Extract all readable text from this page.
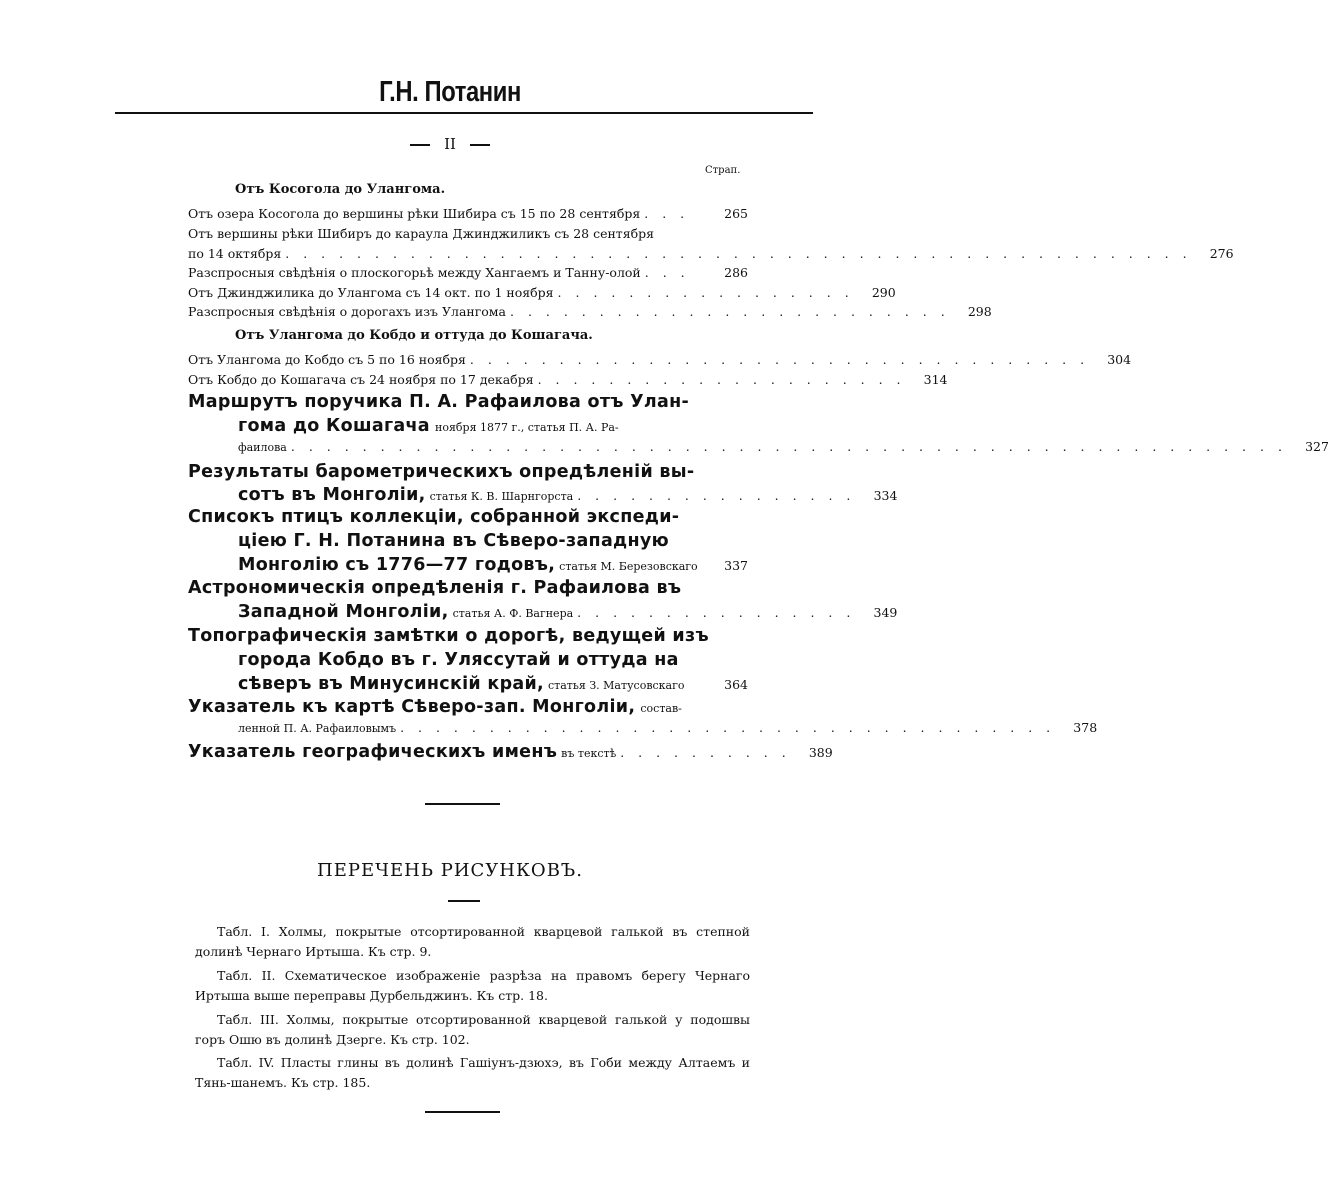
Г.Н. Потанин
II
Страп.
Отъ Косогола до Улангома.
Отъ озера Косогола до вершины рѣки Шибира съ 15 по 28 сентября . . .	265
Отъ вершины рѣки Шибиръ до караула Джинджиликъ съ 28 сентября
по 14 октября . . . . . . . . . . . . . . . . . . . . . . . . . . . . . . . . . . . . . . . . . . . . . . . . . . .	276
Разспросныя свѣдѣнія о плоскогорьѣ между Хангаемъ и Танну-олой . . .	286
Отъ Джинджилика до Улангома съ 14 окт. по 1 ноября . . . . . . . . . . . . . . . . .	290
Разспросныя свѣдѣнія о дорогахъ изъ Улангома . . . . . . . . . . . . . . . . . . . . . . . . .	298
Отъ Улангома до Кобдо и оттуда до Кошагача.
Отъ Улангома до Кобдо съ 5 по 16 ноября . . . . . . . . . . . . . . . . . . . . . . . . . . . . . . . . . . .	304
Отъ Кобдо до Кошагача съ 24 ноября по 17 декабря . . . . . . . . . . . . . . . . . . . . .	314
Маршрутъ поручика П. А. Рафаилова отъ Улан-
гома до Кошагача ноября 1877 г., статья П. А. Ра-
фаилова . . . . . . . . . . . . . . . . . . . . . . . . . . . . . . . . . . . . . . . . . . . . . . . . . . . . . . . .	327
Результаты барометрическихъ опредѣленій вы-
сотъ въ Монголіи, статья К. В. Шарнгорста . . . . . . . . . . . . . . . .	334
Списокъ птицъ коллекціи, собранной экспеди-
ціею Г. Н. Потанина въ Сѣверо-западную
Монголію съ 1776—77 годовъ, статья М. Березовскаго	337
Астрономическія опредѣленія г. Рафаилова въ
Западной Монголіи, статья А. Ф. Вагнера . . . . . . . . . . . . . . . .	349
Топографическія замѣтки о дорогѣ, ведущей изъ
города Кобдо въ г. Уляссутай и оттуда на
сѣверъ въ Минусинскій край, статья З. Матусовскаго	364
Указатель къ картѣ Сѣверо-зап. Монголіи, состав-
ленной П. А. Рафаиловымъ . . . . . . . . . . . . . . . . . . . . . . . . . . . . . . . . . . . . .	378
Указатель географическихъ именъ въ текстѣ . . . . . . . . . .	389
ПЕРЕЧЕНЬ РИСУНКОВЪ.
Табл. I. Холмы, покрытые отсортированной кварцевой галькой въ степной долинѣ Чернаго Иртыша. Къ стр. 9.
Табл. II. Схематическое изображеніе разрѣза на правомъ берегу Чернаго Иртыша выше переправы Дурбельджинъ. Къ стр. 18.
Табл. III. Холмы, покрытые отсортированной кварцевой галькой у подошвы горъ Ошю въ долинѣ Дзерге. Къ стр. 102.
Табл. IV. Пласты глины въ долинѣ Гашіунъ-дзюхэ, въ Гоби между Алтаемъ и Тянь-шанемъ. Къ стр. 185.
